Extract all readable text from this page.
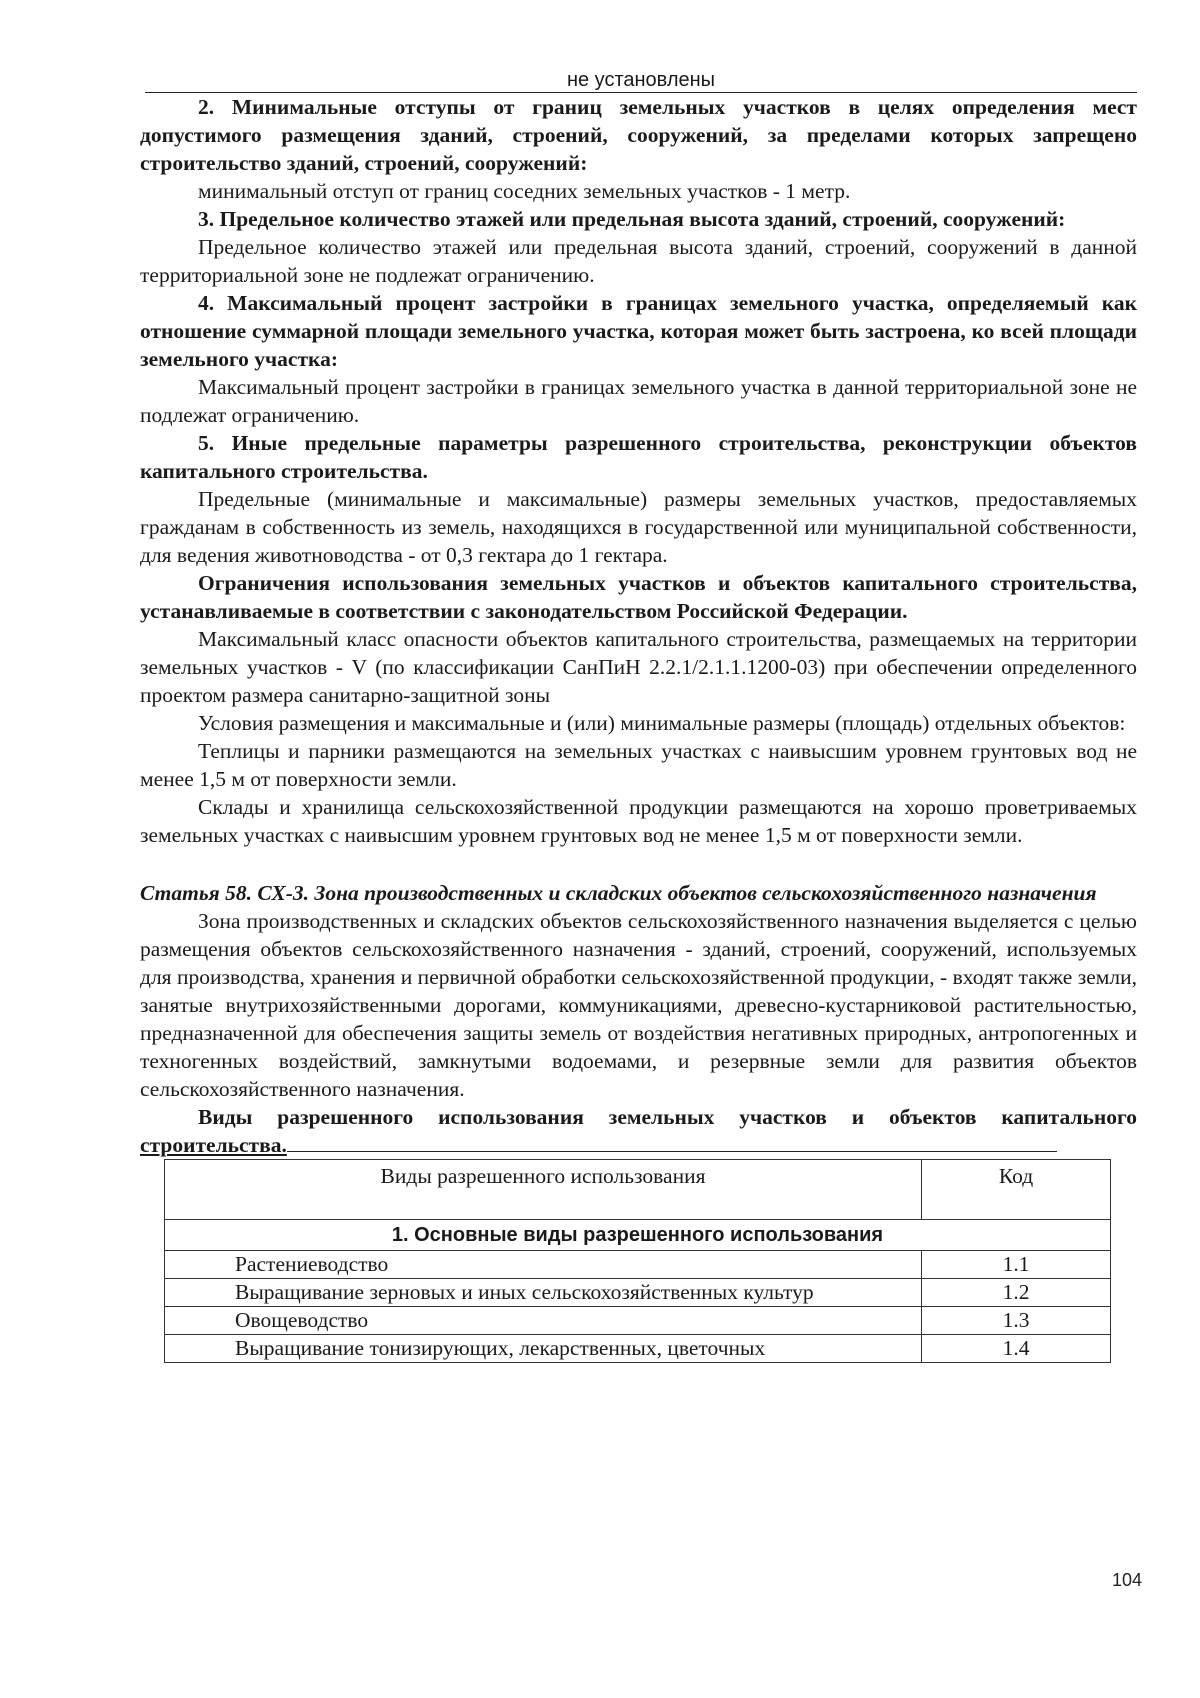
не установлены

2. Минимальные отступы от границ земельных участков в целях определения мест допустимого размещения зданий, строений, сооружений, за пределами которых запрещено строительство зданий, строений, сооружений:

минимальный отступ от границ соседних земельных участков - 1 метр.

3. Предельное количество этажей или предельная высота зданий, строений, сооружений:

Предельное количество этажей или предельная высота зданий, строений, сооружений в данной территориальной зоне не подлежат ограничению.

4. Максимальный процент застройки в границах земельного участка, определяемый как отношение суммарной площади земельного участка, которая может быть застроена, ко всей площади земельного участка:

Максимальный процент застройки в границах земельного участка в данной территориальной зоне не подлежат ограничению.

5. Иные предельные параметры разрешенного строительства, реконструкции объектов капитального строительства.

Предельные (минимальные и максимальные) размеры земельных участков, предоставляемых гражданам в собственность из земель, находящихся в государственной или муниципальной собственности, для ведения животноводства - от 0,3 гектара до 1 гектара.

Ограничения использования земельных участков и объектов капитального строительства, устанавливаемые в соответствии с законодательством Российской Федерации.

Максимальный класс опасности объектов капитального строительства, размещаемых на территории земельных участков - V (по классификации СанПиН 2.2.1/2.1.1.1200-03) при обеспечении определенного проектом размера санитарно-защитной зоны

Условия размещения и максимальные и (или) минимальные размеры (площадь) отдельных объектов:

Теплицы и парники размещаются на земельных участках с наивысшим уровнем грунтовых вод не менее 1,5 м от поверхности земли.

Склады и хранилища сельскохозяйственной продукции размещаются на хорошо проветриваемых земельных участках с наивысшим уровнем грунтовых вод не менее 1,5 м от поверхности земли.

Статья 58. СХ-3. Зона производственных и складских объектов сельскохозяйственного назначения

Зона производственных и складских объектов сельскохозяйственного назначения выделяется с целью размещения объектов сельскохозяйственного назначения - зданий, строений, сооружений, используемых для производства, хранения и первичной обработки сельскохозяйственной продукции, - входят также земли, занятые внутрихозяйственными дорогами, коммуникациями, древесно-кустарниковой растительностью, предназначенной для обеспечения защиты земель от воздействия негативных природных, антропогенных и техногенных воздействий, замкнутыми водоемами, и резервные земли для развития объектов сельскохозяйственного назначения.

Виды разрешенного использования земельных участков и объектов капитального строительства.

Виды разрешенного использования	Код
1. Основные виды разрешенного использования	
Растениеводство	1.1
Выращивание зерновых и иных сельскохозяйственных культур	1.2
Овощеводство	1.3
Выращивание тонизирующих, лекарственных, цветочных	1.4
104
